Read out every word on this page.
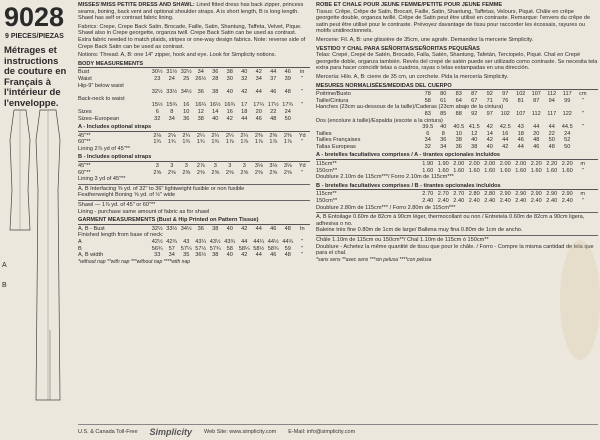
9028
9 PIECES/PIEZAS
Métrages et instructions de couture en Français à l'intérieur de l'enveloppe.
A
B
MISSES'/MISS PETITE DRESS AND SHAWL: Lined fitted dress has back zipper, princess seams, boning, back vent and optional shoulder straps. A is short length, B is long length. Shawl has self or contrast fabric lining.
Fabrics: Crepe, Crepe Back Satin, Brocade, Faille, Satin, Shantung, Taffeta, Velvet, Pique. Shawl also in Crepe georgette, organza twill. Crepe Back Satin can be used as contrast. Extra fabric needed to match plaids, stripes or one-way design fabrics. Note: reverse side of Crepe Back Satin can be used as contrast.
Notions: Thread. A, B: one 14" zipper, hook and eye. Look for Simplicity notions.
BODY MEASUREMENTS
Bust	30½ 31½ 32½	34	36	38	40	42	44	46	in
Waist	23	24	25	26½	28	30	32	34	37	39	"
Hip-9" below waist
32½ 33½ 34½	36	38	40	42	44	46	48	"
Back-neck to waist
15½ 15¾	16	16¼ 16½ 16¾	17	17¼ 17½ 17¾	"
Sizes	6	8	10	12	14	16	18	20	22	24
Sizes–European	32	34	36	38	40	42	44	46	48	50
A - Includes optional straps
45"**	2⅛	2⅛	2¼	2¼	2¼	2¼	2¼	2⅜	2⅜	2⅜	Yd
60"**	1¾	1¾	1¾	1¾	1¾	1⅞	1⅞	1⅞	1⅞	1⅞	"
Lining 2⅞ yd of 45"**
B - Includes optional straps
45"**	3	3	3	2⅞	3	3	3	3⅛	3⅛	3⅛	Yd
60"**	2⅝	2⅝	2⅝	2⅝	2⅝	2⅝	2⅝	2⅝	2⅝	2⅝	"
Lining 3 yd of 45"**
A, B Interfacing ⅜ yd. of 32" to 36" lightweight fusible or non fusible
Featherweight Boning ⅝ yd. of ½" wide
Shawl — 1⅞ yd. of 45" or 60"**
Lining - purchase same amount of fabric as for shawl
GARMENT MEASUREMENTS (Bust & Hip Printed on Pattern Tissue)
A, B - Bust	32½ 33½ 34½	36	38	40	42	44	46	48	In
Finished length from base of neck:
A	42½ 42¾	43	43¼ 43½ 43¾	44	44¼ 44½ 44¾	"
B	56¾	57	57¼ 57½ 57¾	58	58¼ 58½ 58¾	59	"
A, B width	33	34	35	36½	38	40	42	44	46	48	"
*without nap **with nap ***without nap ****with nap
ROBE ET CHALE POUR JEUNE FEMME/PETITE POUR JEUNE FEMME
Tissus: Crêpe, Crêpe de Satin, Brocart, Faille, Satin, Shantung, Taffetas, Velours, Piqué. Châle en crêpe georgette double, organza twillé. Crêpe de Satin peut être utilisé en contraste. Remarque: l'envers du crêpe de satin peut être utilisé pour le contraste. Prévoyez davantage de tissu pour raccorder les écossais, rayures ou motifs unidirectionnels.
Mercerie: Fil. A, B: une glissière de 35cm, une agrafe. Demandez la mercerie Simplicity.
VESTIDO Y CHAL PARA SEÑORITAS/SEÑORITAS PEQUEÑAS
Telas: Crepé, Crepé de Satén, Brocado, Falla, Satén, Shantung, Tafetán, Terciopelo, Piqué. Chal en Crepé georgette doble, organza también. Revés del crepé de satén puede ser utilizado como contraste. Se necesita tela extra para hacer coincidir telas a cuadros, rayas o telas estampadas en una dirección.
Mercería: Hilo. A, B: cierre de 35 cm, un corchete. Pida la mercería Simplicity.
MESURES NORMALISÉES/MEDIDAS DEL CUERPO
Poitrine/Busto	78	80	83	87	92	97	102	107	112	117	cm
Taille/Cintura	58	61	64	67	71	76	81	87	94	99	"
Hanches (23cm au-dessous de la taille)/Caderas (23cm abajo de la cintura)
83	85	88	92	97	102	107	112	117	122	"
Dos (encolure à taille)/Espalda (escote a la cintura)
39.5	40	40.5 41.5	42	42.5	43	44	44	44.5	"
Tailles	6	8	10	12	14	16	18	20	22	24
Tailles Françaises	34	36	38	40	42	44	46	48	50	52
Tallas Europeas	32	34	36	38	40	42	44	46	48	50
A - bretelles facultatives comprises / A - tirantes opcionales incluidos
115cm**	1.90 1.90 2.00 2.00 2.00 2.00 2.00 2.20 2.20 2.20	m
150cm**	1.60 1.60 1.60 1.60 1.60 1.60 1.60 1.60 1.60 1.60	"
Doublure 2.10m de 115cm***/ Forro 2.10m de 115cm***
B - bretelles facultatives comprises / B - tirantes opcionales incluidos
115cm**	2.70 2.70 2.70 2.80 2.80 2.90 2.90 2.90 2.90 2.90	m
150cm**	2.40 2.40 2.40 2.40 2.40 2.40 2.40 2.40 2.40 2.40	"
Doublure 2.80m de 115cm*** / Forro 2.80m de 115cm***
A, B Entoilage 0.60m de 82cm à 90cm léger, thermocollant ou non / Entretela 0.60m de 82cm a 90cm ligera, adhesiva o no.
Baleine très fine 0.80m de 1cm de large/ Ballena muy fina 0.80m de 1cm de ancho.
Châle 1.10m de 115cm ou 150cm**/ Chal 1.10m de 115cm ó 150cm**
Doublure - Achetez la même quantité de tissu que pour le châle. / Forro - Compre la misma cantidad de tela que para el chal.
*sans sens **avec sens ***sin pelusa ****con pelusa
U.S. & Canada Toll-Free Simplicity Web Site: www.simplicity.com E-Mail: info@simplicity.com
